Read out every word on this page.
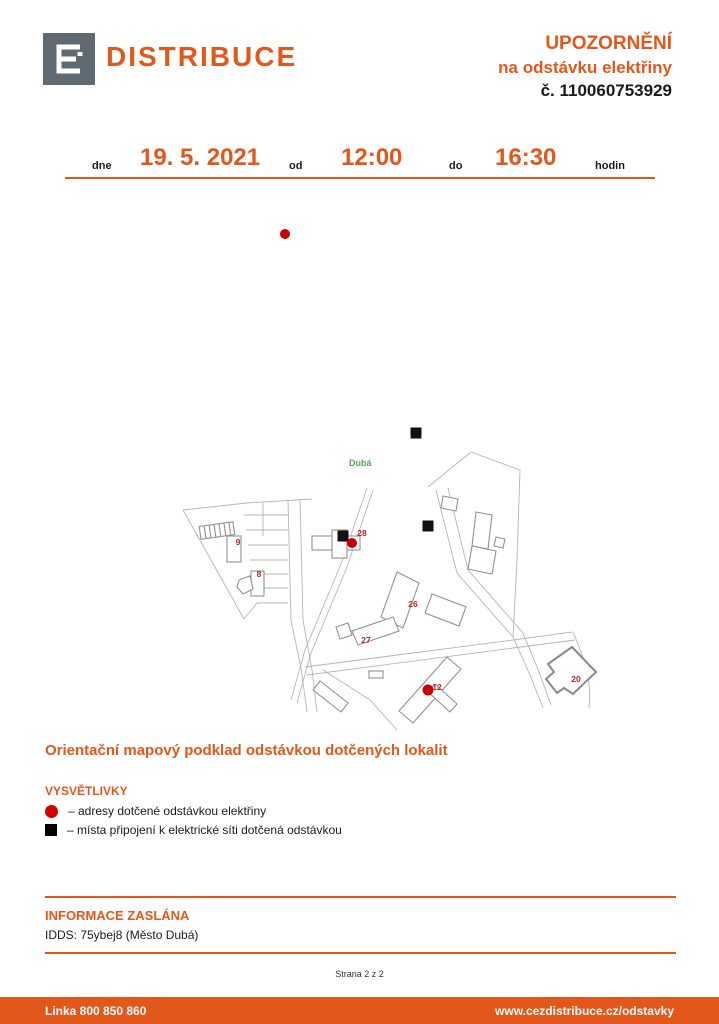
DISTRIBUCE	UPOZORNĚNÍ
na odstávku elektřiny
č. 110060753929
dne 19. 5. 2021	od 12:00	do 16:30	hodin
9
8
28
26
27
12
20
Dubá
Orientační mapový podklad odstávkou dotčených lokalit
VYSVĚTLIVKY
– adresy dotčené odstávkou elektřiny
– místa připojení k elektrické síti dotčená odstávkou
INFORMACE ZASLÁNA
IDDS: 75ybej8 (Město Dubá)
Strana 2 z 2
Linka 800 850 860	www.cezdistribuce.cz/odstavky
